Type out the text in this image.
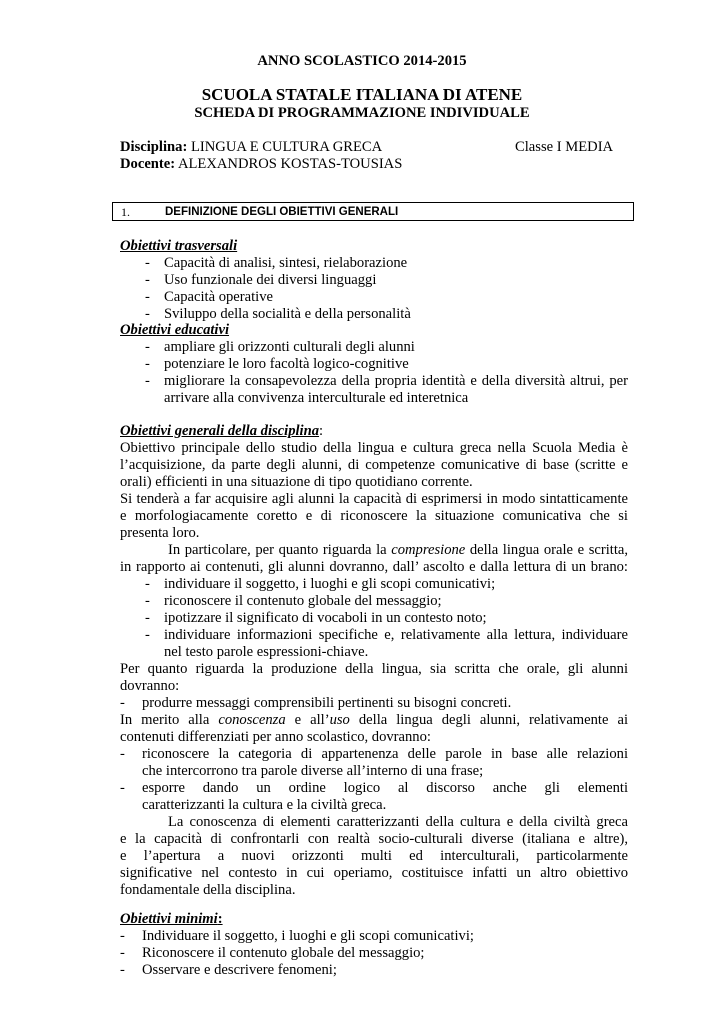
ANNO SCOLASTICO 2014-2015
SCUOLA STATALE ITALIANA DI ATENE
SCHEDA DI PROGRAMMAZIONE INDIVIDUALE
Disciplina: LINGUA E CULTURA GRECA	Classe I MEDIA
Docente: ALEXANDROS KOSTAS-TOUSIAS
1.	DEFINIZIONE DEGLI OBIETTIVI GENERALI
Obiettivi trasversali
- Capacità di analisi, sintesi, rielaborazione
- Uso funzionale dei diversi linguaggi
- Capacità operative
- Sviluppo della socialità e della personalità
Obiettivi educativi
- ampliare gli orizzonti culturali degli alunni
- potenziare le loro facoltà logico-cognitive
- migliorare la consapevolezza della propria identità e della diversità altrui, per
arrivare alla convivenza interculturale ed interetnica
Obiettivi generali della disciplina:
Obiettivo principale dello studio della lingua e cultura greca nella Scuola Media è
l’acquisizione, da parte degli alunni, di competenze comunicative di base (scritte e
orali) efficienti in una situazione di tipo quotidiano corrente.
Si tenderà a far acquisire agli alunni la capacità di esprimersi in modo sintatticamente
e morfologiacamente coretto e di riconoscere la situazione comunicativa che si
presenta loro.
In particolare, per quanto riguarda la compresione della lingua orale e scritta,
in rapporto ai contenuti, gli alunni dovranno, dall’ ascolto e dalla lettura di un brano:
- individuare il soggetto, i luoghi e gli scopi comunicativi;
- riconoscere il contenuto globale del messaggio;
- ipotizzare il significato di vocaboli in un contesto noto;
- individuare informazioni specifiche e, relativamente alla lettura, individuare
nel testo parole espressioni-chiave.
Per quanto riguarda la produzione della lingua, sia scritta che orale, gli alunni
dovranno:
- produrre messaggi comprensibili pertinenti su bisogni concreti.
In merito alla conoscenza e all’uso della lingua degli alunni, relativamente ai
contenuti differenziati per anno scolastico, dovranno:
- riconoscere la categoria di appartenenza delle parole in base alle relazioni
che intercorrono tra parole diverse all’interno di una frase;
- esporre dando un ordine logico al discorso anche gli elementi
caratterizzanti la cultura e la civiltà greca.
La conoscenza di elementi caratterizzanti della cultura e della civiltà greca
e la capacità di confrontarli con realtà socio-culturali diverse (italiana e altre),
e l’apertura a nuovi orizzonti multi ed interculturali, particolarmente
significative nel contesto in cui operiamo, costituisce infatti un altro obiettivo
fondamentale della disciplina.
Obiettivi minimi:
- Individuare il soggetto, i luoghi e gli scopi comunicativi;
- Riconoscere il contenuto globale del messaggio;
- Osservare e descrivere fenomeni;
